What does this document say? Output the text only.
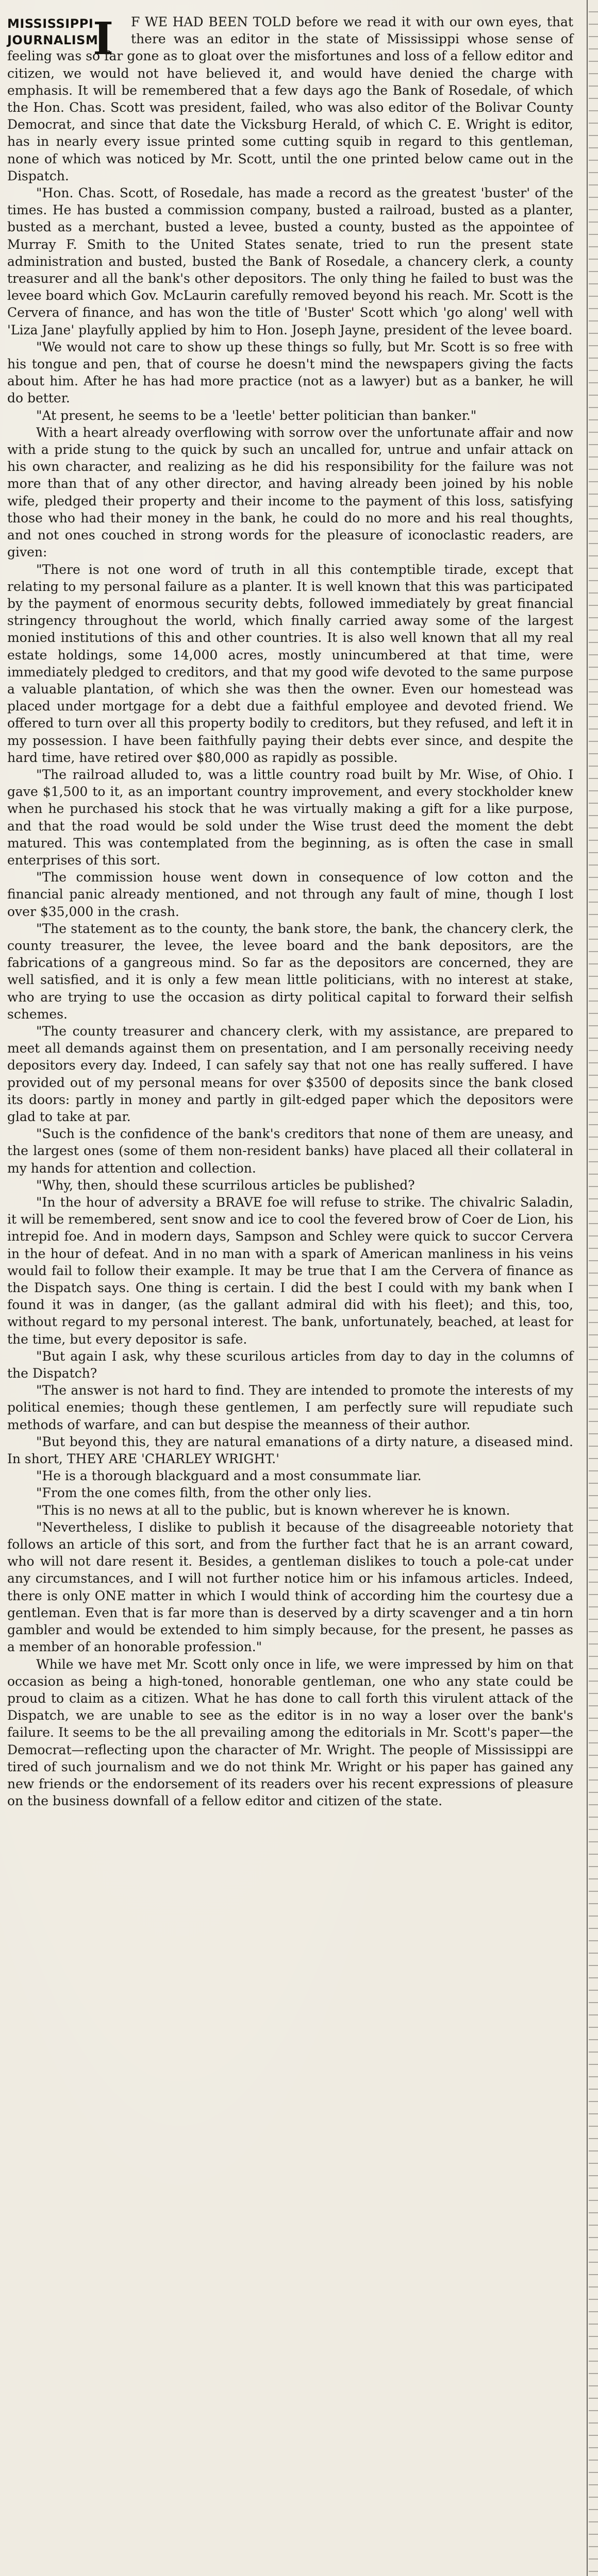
MISSISSIPPI
JOURNALISM.
I	F WE HAD BEEN TOLD before we read it with our own eyes, that there was an editor in the state of Mississippi whose sense of feeling was so far gone as to gloat over the misfortunes and loss of a fellow editor and citizen, we would not have believed it, and would have denied the charge with emphasis. It will be remembered that a few days ago the Bank of Rosedale, of which the Hon. Chas. Scott was president, failed, who was also editor of the Bolivar County Democrat, and since that date the Vicksburg Herald, of which C. E. Wright is editor, has in nearly every issue printed some cutting squib in regard to this gentleman, none of which was noticed by Mr. Scott, until the one printed below came out in the Dispatch.

"Hon. Chas. Scott, of Rosedale, has made a record as the greatest 'buster' of the times. He has busted a commission company, busted a railroad, busted as a planter, busted as a merchant, busted a levee, busted a county, busted as the appointee of Murray F. Smith to the United States senate, tried to run the present state administration and busted, busted the Bank of Rosedale, a chancery clerk, a county treasurer and all the bank's other depositors. The only thing he failed to bust was the levee board which Gov. McLaurin carefully removed beyond his reach. Mr. Scott is the Cervera of finance, and has won the title of 'Buster' Scott which 'go along' well with 'Liza Jane' playfully applied by him to Hon. Joseph Jayne, president of the levee board.

"We would not care to show up these things so fully, but Mr. Scott is so free with his tongue and pen, that of course he doesn't mind the newspapers giving the facts about him. After he has had more practice (not as a lawyer) but as a banker, he will do better.

"At present, he seems to be a 'leetle' better politician than banker."

With a heart already overflowing with sorrow over the unfortunate affair and now with a pride stung to the quick by such an uncalled for, untrue and unfair attack on his own character, and realizing as he did his responsibility for the failure was not more than that of any other director, and having already been joined by his noble wife, pledged their property and their income to the payment of this loss, satisfying those who had their money in the bank, he could do no more and his real thoughts, and not ones couched in strong words for the pleasure of iconoclastic readers, are given:

"There is not one word of truth in all this contemptible tirade, except that relating to my personal failure as a planter. It is well known that this was participated by the payment of enormous security debts, followed immediately by great financial stringency throughout the world, which finally carried away some of the largest monied institutions of this and other countries. It is also well known that all my real estate holdings, some 14,000 acres, mostly unincumbered at that time, were immediately pledged to creditors, and that my good wife devoted to the same purpose a valuable plantation, of which she was then the owner. Even our homestead was placed under mortgage for a debt due a faithful employee and devoted friend. We offered to turn over all this property bodily to creditors, but they refused, and left it in my possession. I have been faithfully paying their debts ever since, and despite the hard time, have retired over $80,000 as rapidly as possible.

"The railroad alluded to, was a little country road built by Mr. Wise, of Ohio. I gave $1,500 to it, as an important country improvement, and every stockholder knew when he purchased his stock that he was virtually making a gift for a like purpose, and that the road would be sold under the Wise trust deed the moment the debt matured. This was contemplated from the beginning, as is often the case in small enterprises of this sort.

"The commission house went down in consequence of low cotton and the financial panic already mentioned, and not through any fault of mine, though I lost over $35,000 in the crash.

"The statement as to the county, the bank store, the bank, the chancery clerk, the county treasurer, the levee, the levee board and the bank depositors, are the fabrications of a gangreous mind. So far as the depositors are concerned, they are well satisfied, and it is only a few mean little politicians, with no interest at stake, who are trying to use the occasion as dirty political capital to forward their selfish schemes.

"The county treasurer and chancery clerk, with my assistance, are prepared to meet all demands against them on presentation, and I am personally receiving needy depositors every day. Indeed, I can safely say that not one has really suffered. I have provided out of my personal means for over $3500 of deposits since the bank closed its doors: partly in money and partly in gilt-edged paper which the depositors were glad to take at par.

"Such is the confidence of the bank's creditors that none of them are uneasy, and the largest ones (some of them non-resident banks) have placed all their collateral in my hands for attention and collection.

"Why, then, should these scurrilous articles be published?

"In the hour of adversity a BRAVE foe will refuse to strike. The chivalric Saladin, it will be remembered, sent snow and ice to cool the fevered brow of Coer de Lion, his intrepid foe. And in modern days, Sampson and Schley were quick to succor Cervera in the hour of defeat. And in no man with a spark of American manliness in his veins would fail to follow their example. It may be true that I am the Cervera of finance as the Dispatch says. One thing is certain. I did the best I could with my bank when I found it was in danger, (as the gallant admiral did with his fleet); and this, too, without regard to my personal interest. The bank, unfortunately, beached, at least for the time, but every depositor is safe.

"But again I ask, why these scurilous articles from day to day in the columns of the Dispatch?

"The answer is not hard to find. They are intended to promote the interests of my political enemies; though these gentlemen, I am perfectly sure will repudiate such methods of warfare, and can but despise the meanness of their author.

"But beyond this, they are natural emanations of a dirty nature, a diseased mind. In short, THEY ARE 'CHARLEY WRIGHT.'

"He is a thorough blackguard and a most consummate liar.

"From the one comes filth, from the other only lies.

"This is no news at all to the public, but is known wherever he is known.

"Nevertheless, I dislike to publish it because of the disagreeable notoriety that follows an article of this sort, and from the further fact that he is an arrant coward, who will not dare resent it. Besides, a gentleman dislikes to touch a pole-cat under any circumstances, and I will not further notice him or his infamous articles. Indeed, there is only ONE matter in which I would think of according him the courtesy due a gentleman. Even that is far more than is deserved by a dirty scavenger and a tin horn gambler and would be extended to him simply because, for the present, he passes as a member of an honorable profession."

While we have met Mr. Scott only once in life, we were impressed by him on that occasion as being a high-toned, honorable gentleman, one who any state could be proud to claim as a citizen. What he has done to call forth this virulent attack of the Dispatch, we are unable to see as the editor is in no way a loser over the bank's failure. It seems to be the all prevailing among the editorials in Mr. Scott's paper—the Democrat—reflecting upon the character of Mr. Wright. The people of Mississippi are tired of such journalism and we do not think Mr. Wright or his paper has gained any new friends or the endorsement of its readers over his recent expressions of pleasure on the business downfall of a fellow editor and citizen of the state.
